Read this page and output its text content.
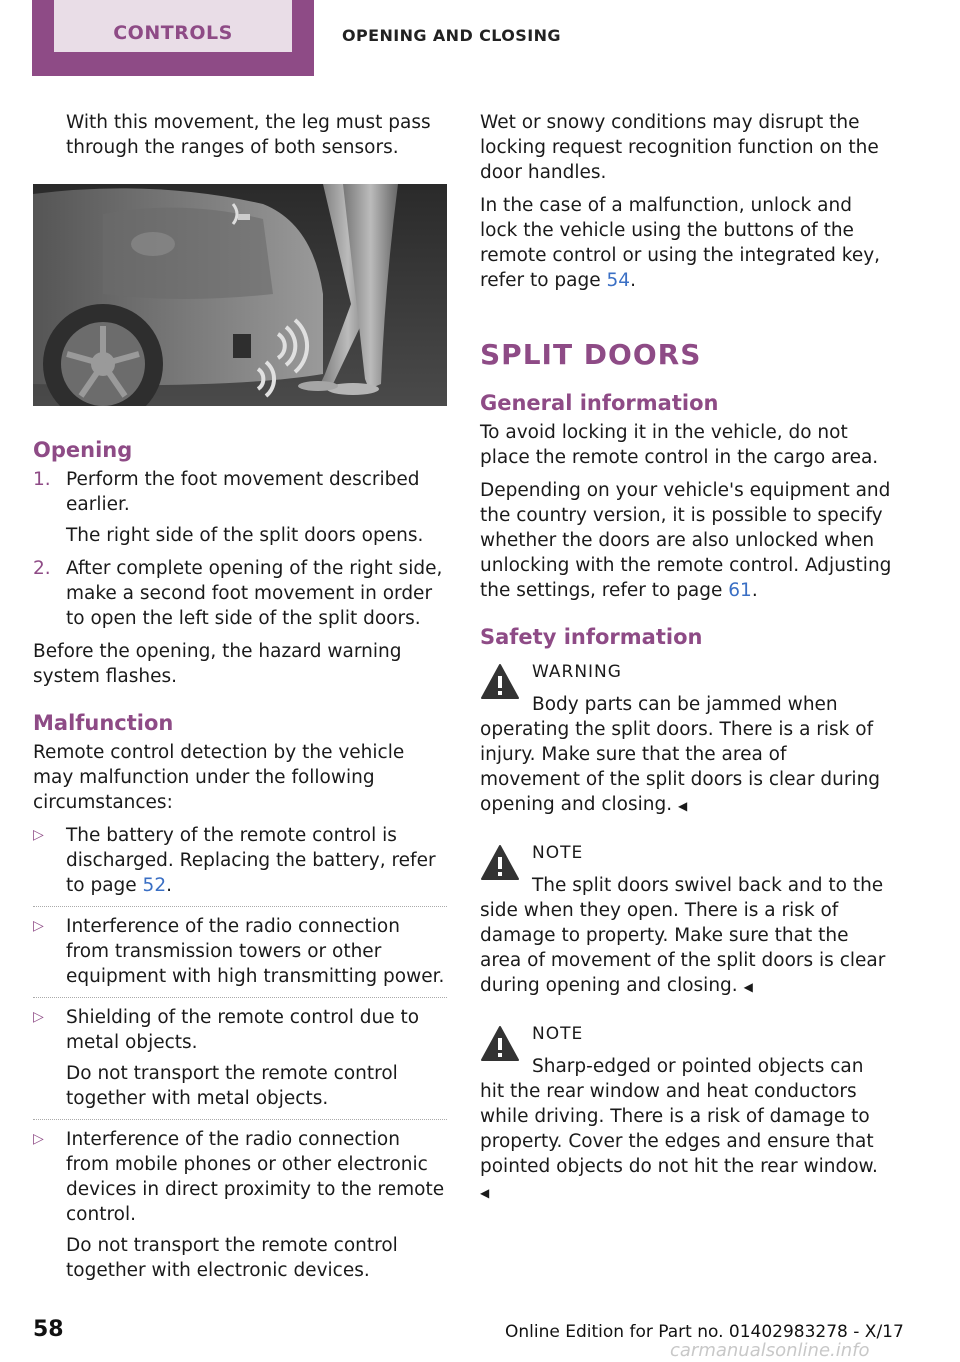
CONTROLS	OPENING AND CLOSING

With this movement, the leg must pass through the ranges of both sensors.

Opening
1. Perform the foot movement described earlier.
The right side of the split doors opens.
2. After complete opening of the right side, make a second foot movement in order to open the left side of the split doors.

Before the opening, the hazard warning system flashes.

Malfunction

Remote control detection by the vehicle may malfunction under the following circumstances:

▷ The battery of the remote control is discharged. Replacing the battery, refer to page 52.
▷ Interference of the radio connection from transmission towers or other equipment with high transmitting power.
▷ Shielding of the remote control due to metal objects.
Do not transport the remote control together with metal objects.
▷ Interference of the radio connection from mobile phones or other electronic devices in direct proximity to the remote control.
Do not transport the remote control together with electronic devices.

Wet or snowy conditions may disrupt the locking request recognition function on the door handles.

In the case of a malfunction, unlock and lock the vehicle using the buttons of the remote control or using the integrated key, refer to page 54.

SPLIT DOORS
General information

To avoid locking it in the vehicle, do not place the remote control in the cargo area.

Depending on your vehicle's equipment and the country version, it is possible to specify whether the doors are also unlocked when unlocking with the remote control. Adjusting the settings, refer to page 61.

Safety information
WARNING

Body parts can be jammed when operating the split doors. There is a risk of injury. Make sure that the area of movement of the split doors is clear during opening and closing. ◀

NOTE

The split doors swivel back and to the side when they open. There is a risk of damage to property. Make sure that the area of movement of the split doors is clear during opening and closing. ◀

NOTE

Sharp-edged or pointed objects can hit the rear window and heat conductors while driving. There is a risk of damage to property. Cover the edges and ensure that pointed objects do not hit the rear window. ◀

58	Online Edition for Part no. 01402983278 - X/17
carmanualsonline.info
